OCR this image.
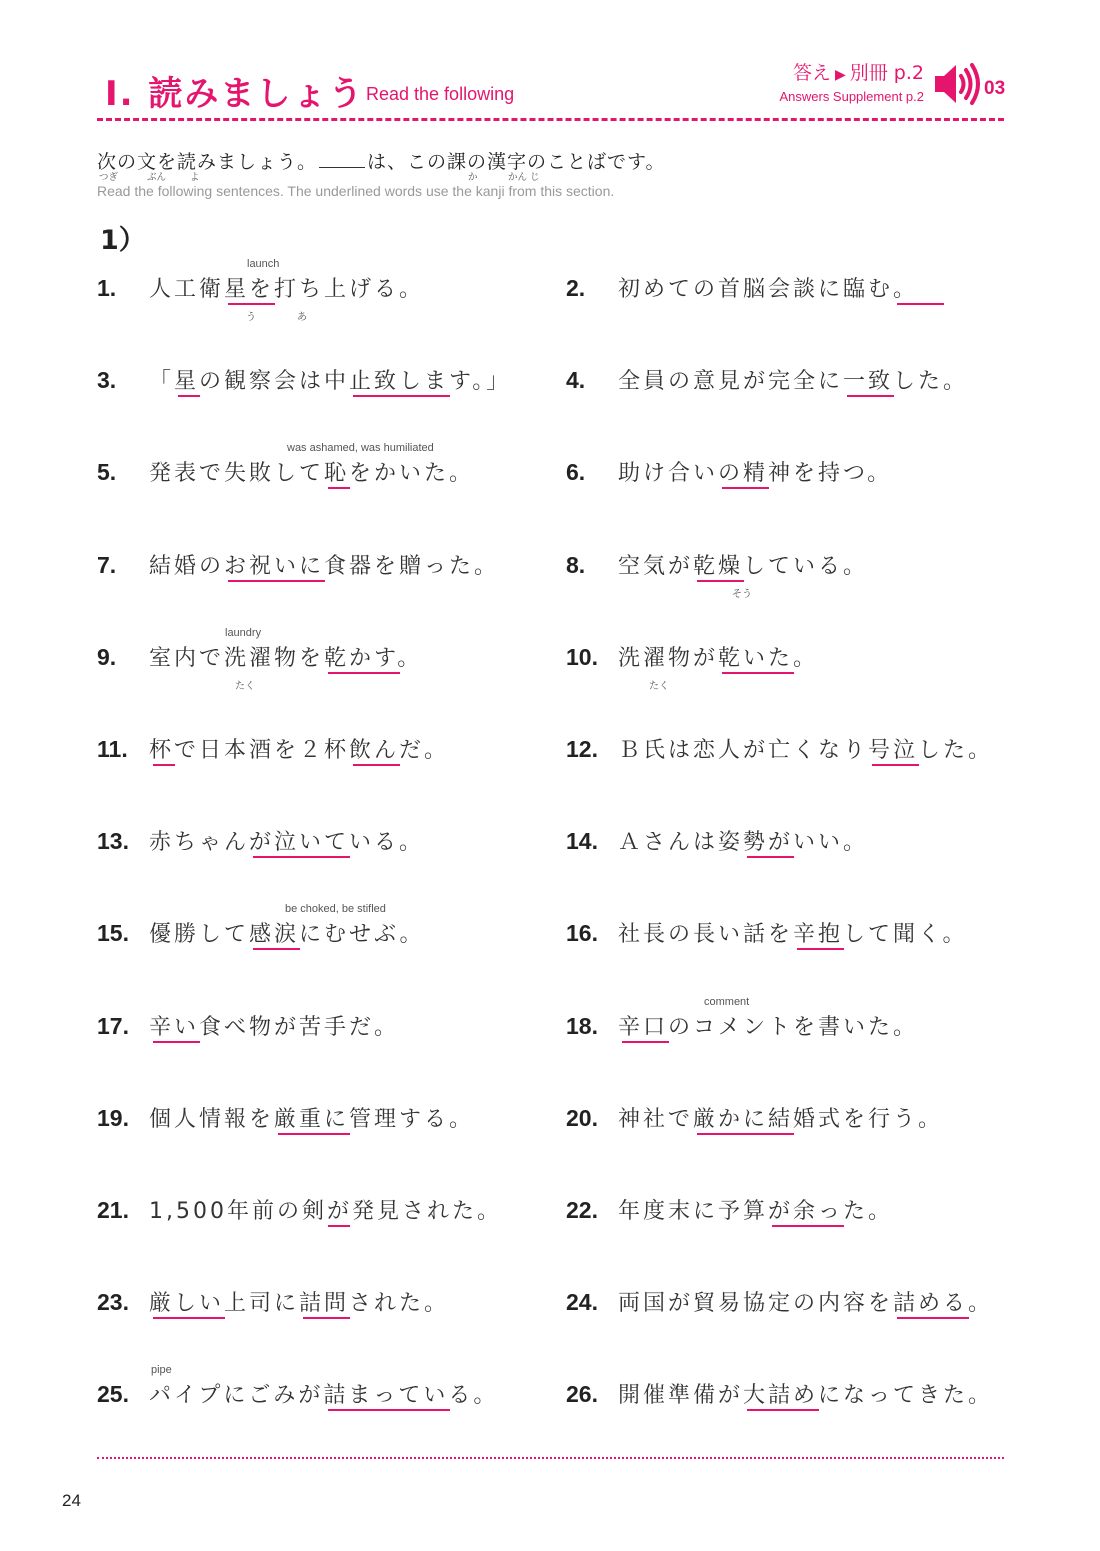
Ⅰ. 読みましょう Read the following
答え ▶ 別冊 p.2
Answers Supplement p.2	03
次の文を読みましょう。	は、この課の漢字のことばです。
つぎ	ぶん	よ	か	かん じ
Read the following sentences. The underlined words use the kanji from this section.
1）
1. 人工衛星を打ち上げる。
launch
う	あ
2. 初めての首脳会談に臨む。
3. 「星の観察会は中止致します。」 4. 全員の意見が完全に一致した。
5. 発表で失敗して恥をかいた。
was ashamed, was humiliated
6. 助け合いの精神を持つ。
7. 結婚のお祝いに食器を贈った。	8. 空気が乾燥している。
そう
9. 室内で洗濯物を乾かす。
laundry
たく
10. 洗濯物が乾いた。
たく
11. 杯で日本酒を２杯飲んだ。	12. Ｂ氏は恋人が亡くなり号泣した。
13. 赤ちゃんが泣いている。	14. Ａさんは姿勢がいい。
15. 優勝して感涙にむせぶ。
be choked, be stifled
16. 社長の長い話を辛抱して聞く。
17. 辛い食べ物が苦手だ。	18. 辛口のコメントを書いた。
comment
19. 個人情報を厳重に管理する。	20. 神社で厳かに結婚式を行う。
21. 1,500年前の剣が発見された。	22. 年度末に予算が余った。
23. 厳しい上司に詰問された。	24. 両国が貿易協定の内容を詰める。
25. パイプにごみが詰まっている。
pipe
26. 開催準備が大詰めになってきた。
24
